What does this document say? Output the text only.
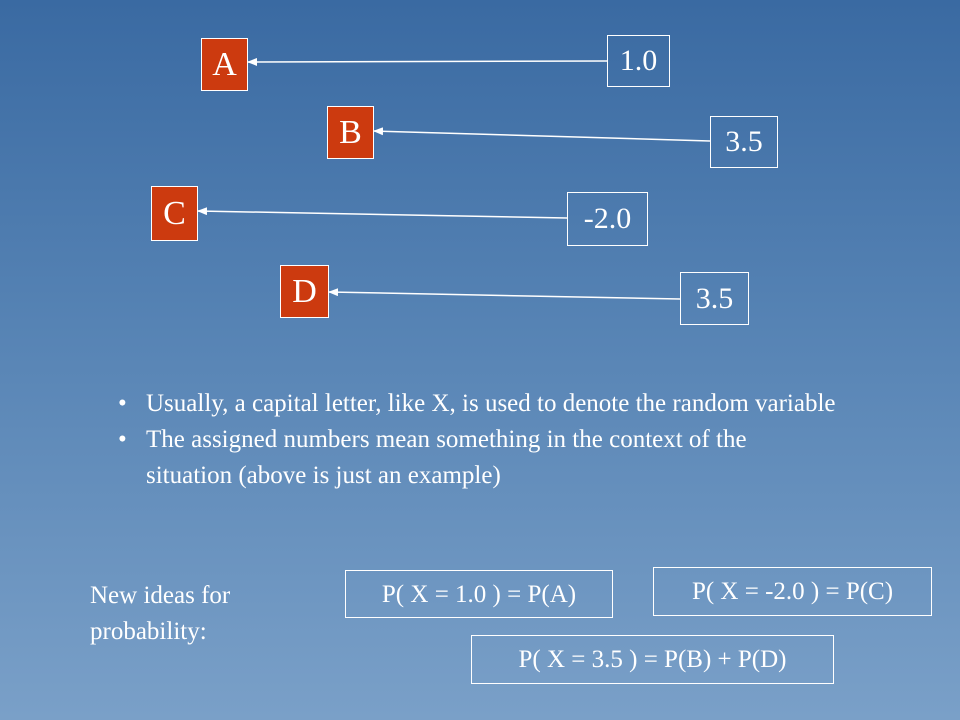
A
B
C
D
1.0
3.5
-2.0
3.5
• Usually, a capital letter, like X, is used to denote the random variable
• The assigned numbers mean something in the context of the situation (above is just an example)
New ideas for probability:
P( X = 1.0 ) = P(A)	P( X = -2.0 ) = P(C)
P( X = 3.5 ) = P(B) + P(D)
